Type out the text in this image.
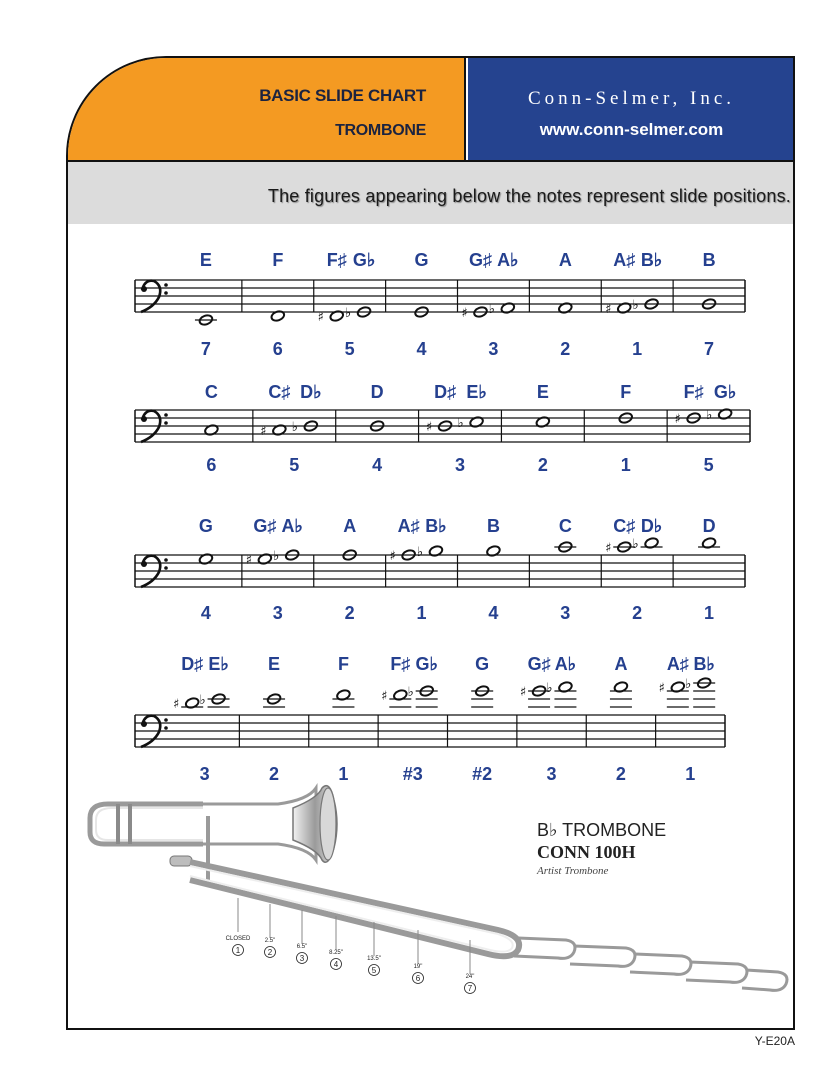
BASIC SLIDE CHART
TROMBONE
Conn-Selmer, Inc.
www.conn-selmer.com
The figures appearing below the notes represent slide positions.
E
7
F
6
♯
F♯
♭
G♭
5
G
4
♯
G♯
♭
A♭
3
A
2
♯
A♯
♭
B♭
1
B
7
C
6
♯
C♯
♭
D♭
5
D
4
♯
D♯
♭
E♭
3
E
2
F
1
♯
F♯
♭
G♭
5
G
4
♯
G♯
♭
A♭
3
A
2
♯
A♯
♭
B♭
1
B
4
C
3
♯
C♯
♭
D♭
2
D
1
♯
D♯
♭
E♭
3
E
2
F
1
♯
F♯
♭
G♭
#3
G
#2
♯
G♯
♭
A♭
3
A
2
♯
A♯
♭
B♭
1
CLOSED
1
2.5"
2
6.5"
3
8.25"
4
13.5"
5	19"
6	24"
7
B♭ TROMBONE
CONN 100H
Artist Trombone
Y-E20A
